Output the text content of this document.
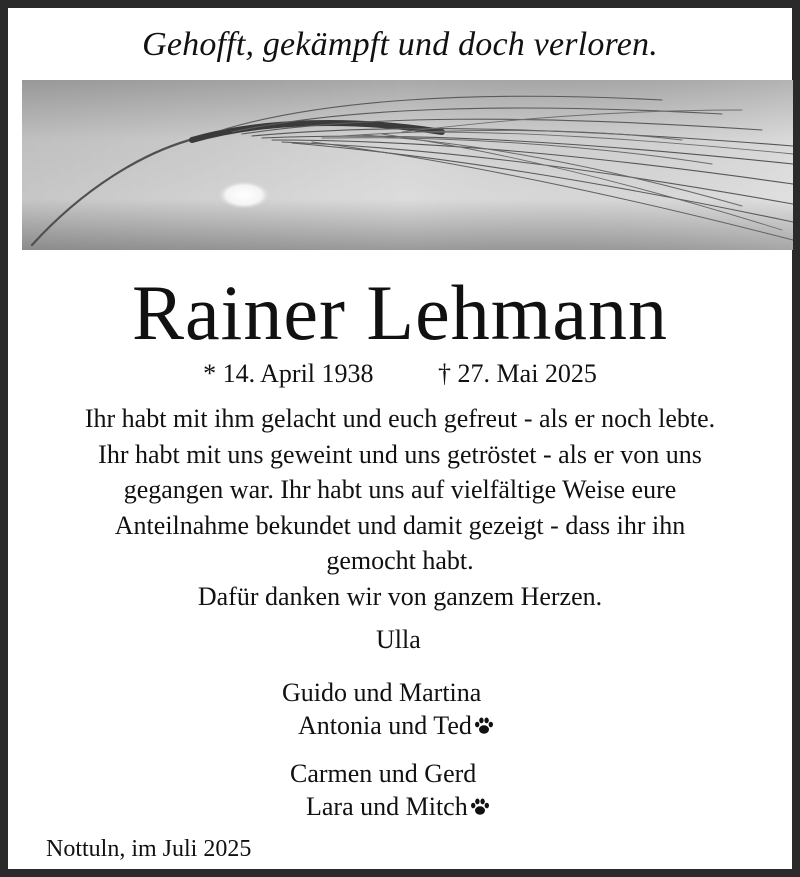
Gehofft, gekämpft und doch verloren.
Rainer Lehmann
* 14. April 1938 † 27. Mai 2025

Ihr habt mit ihm gelacht und euch gefreut - als er noch lebte.

Ihr habt mit uns geweint und uns getröstet - als er von uns

gegangen war. Ihr habt uns auf vielfältige Weise eure

Anteilnahme bekundet und damit gezeigt - dass ihr ihn

gemocht habt.

Dafür danken wir von ganzem Herzen.

Ulla
Guido und Martina
Antonia und Ted
Carmen und Gerd
Lara und Mitch
Nottuln, im Juli 2025
